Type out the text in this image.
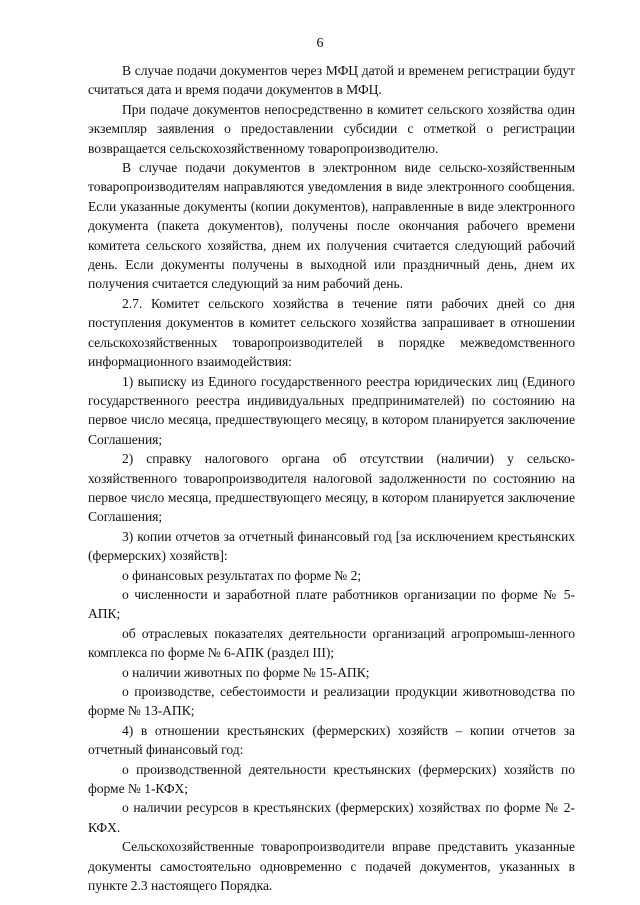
6

В случае подачи документов через МФЦ датой и временем регистрации будут считаться дата и время подачи документов в МФЦ.

При подаче документов непосредственно в комитет сельского хозяйства один экземпляр заявления о предоставлении субсидии с отметкой о регистрации возвращается сельскохозяйственному товаропроизводителю.

В случае подачи документов в электронном виде сельско-хозяйственным товаропроизводителям направляются уведомления в виде электронного сообщения. Если указанные документы (копии документов), направленные в виде электронного документа (пакета документов), получены после окончания рабочего времени комитета сельского хозяйства, днем их получения считается следующий рабочий день. Если документы получены в выходной или праздничный день, днем их получения считается следующий за ним рабочий день.

2.7. Комитет сельского хозяйства в течение пяти рабочих дней со дня поступления документов в комитет сельского хозяйства запрашивает в отношении сельскохозяйственных товаропроизводителей в порядке межведомственного информационного взаимодействия:

1) выписку из Единого государственного реестра юридических лиц (Единого государственного реестра индивидуальных предпринимателей) по состоянию на первое число месяца, предшествующего месяцу, в котором планируется заключение Соглашения;

2) справку налогового органа об отсутствии (наличии) у сельско-хозяйственного товаропроизводителя налоговой задолженности по состоянию на первое число месяца, предшествующего месяцу, в котором планируется заключение Соглашения;

3) копии отчетов за отчетный финансовый год [за исключением крестьянских (фермерских) хозяйств]:

о финансовых результатах по форме № 2;

о численности и заработной плате работников организации по форме № 5-АПК;

об отраслевых показателях деятельности организаций агропромыш-ленного комплекса по форме № 6-АПК (раздел III);

о наличии животных по форме № 15-АПК;

о производстве, себестоимости и реализации продукции животноводства по форме № 13-АПК;

4) в отношении крестьянских (фермерских) хозяйств – копии отчетов за отчетный финансовый год:

о производственной деятельности крестьянских (фермерских) хозяйств по форме № 1-КФХ;

о наличии ресурсов в крестьянских (фермерских) хозяйствах по форме № 2-КФХ.

Сельскохозяйственные товаропроизводители вправе представить указанные документы самостоятельно одновременно с подачей документов, указанных в пункте 2.3 настоящего Порядка.
